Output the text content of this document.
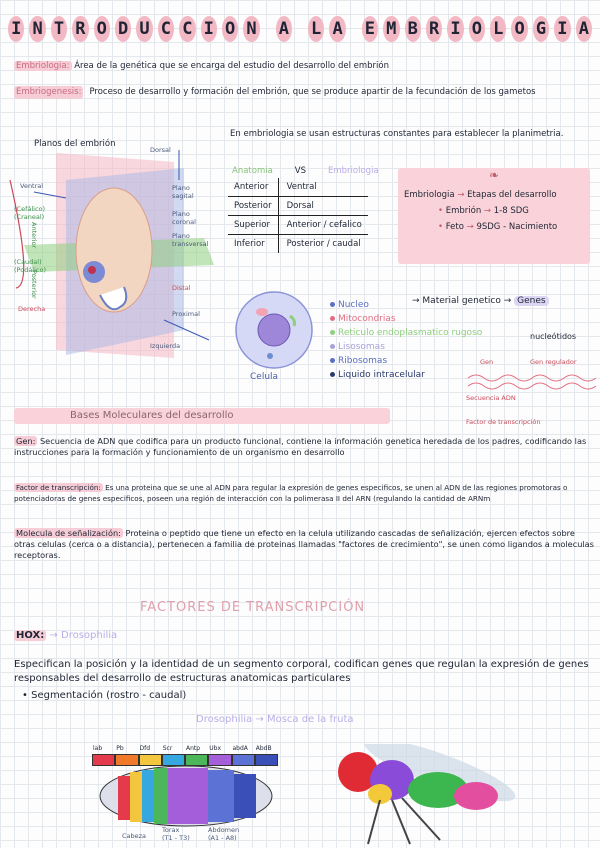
I N T R O D U C C I O N A L A E M B R I O L O G I A
Embriologia: Área de la genética que se encarga del estudio del desarrollo del embrión
Embriogenesis: Proceso de desarrollo y formación del embrión, que se produce apartir de la fecundación de los gametos
Planos del embrión
Dorsal
Ventral	Plano sagital
Plano coronal
Plano transversal
Anterior
(Cefálico) (Craneal)
Posterior
(Caudal) (Podálico)
Distal
Proximal
Derecha
Izquierda
En embriologia se usan estructuras constantes para establecer la planimetria.
Anatomia	VS	Embriologia
Anterior	Ventral
Posterior	Dorsal
Superior	Anterior / cefalico
Inferior	Posterior / caudal
❧
Embriologia → Etapas del desarrollo
• Embrión → 1-8 SDG
• Feto → 9SDG - Nacimiento
Celula
Nucleo
Mitocondrias
Reticulo endoplasmatico rugoso
Lisosomas
Ribosomas
Liquido intracelular
→ Material genetico → Genes
nucleótidos
Gen	Gen regulador
Secuencia ADN
Factor de transcripción
Bases Moleculares del desarrollo
Gen: Secuencia de ADN que codifica para un producto funcional, contiene la información genetica heredada de los padres, codificando las instrucciones para la formación y funcionamiento de un organismo en desarrollo
Factor de transcripción: Es una proteina que se une al ADN para regular la expresión de genes especificos, se unen al ADN de las regiones promotoras o potenciadoras de genes especificos, poseen una región de interacción con la polimerasa II del ARN (regulando la cantidad de ARNm
Molecula de señalización: Proteina o peptido que tiene un efecto en la celula utilizando cascadas de señalización, ejercen efectos sobre otras celulas (cerca o a distancia), pertenecen a familia de proteinas llamadas "factores de crecimiento", se unen como ligandos a moleculas receptoras.
FACTORES DE TRANSCRIPCIÓN
HOX: → Drosophilia
Especifican la posición y la identidad de un segmento corporal, codifican genes que regulan la expresión de genes responsables del desarrollo de estructuras anatomicas particulares
• Segmentación (rostro - caudal)
Drosophilia → Mosca de la fruta
lab Pb	Dfd Scr Antp Ubx abdA AbdB
Cabeza
Torax (T1 - T3)
Abdomen (A1 - A8)
